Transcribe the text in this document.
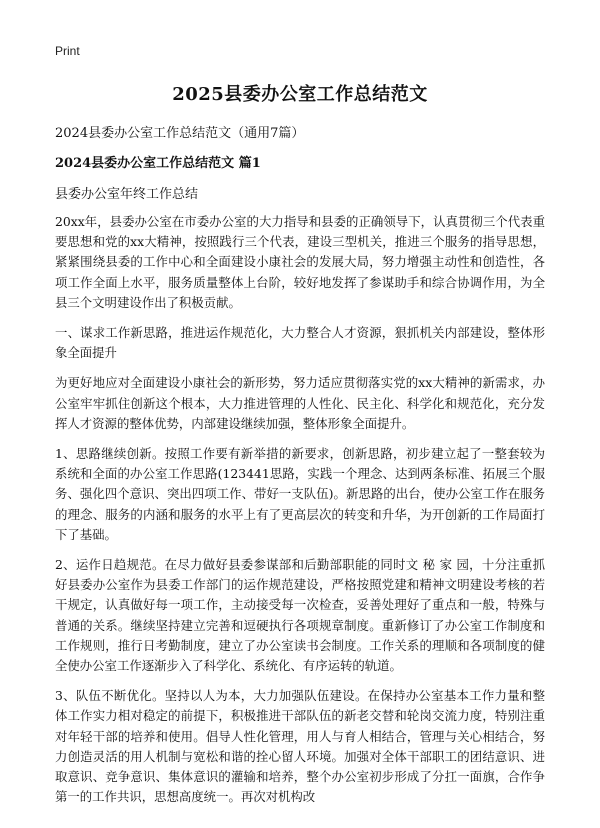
Print
2025县委办公室工作总结范文
2024县委办公室工作总结范文（通用7篇）
2024县委办公室工作总结范文 篇1
县委办公室年终工作总结

20xx年，县委办公室在市委办公室的大力指导和县委的正确领导下，认真贯彻三个代表重要思想和党的xx大精神，按照践行三个代表，建设三型机关，推进三个服务的指导思想，紧紧围绕县委的工作中心和全面建设小康社会的发展大局，努力增强主动性和创造性，各项工作全面上水平，服务质量整体上台阶，较好地发挥了参谋助手和综合协调作用，为全县三个文明建设作出了积极贡献。

一、谋求工作新思路，推进运作规范化，大力整合人才资源，狠抓机关内部建设，整体形象全面提升

为更好地应对全面建设小康社会的新形势，努力适应贯彻落实党的xx大精神的新需求，办公室牢牢抓住创新这个根本，大力推进管理的人性化、民主化、科学化和规范化，充分发挥人才资源的整体优势，内部建设继续加强，整体形象全面提升。

1、思路继续创新。按照工作要有新举措的新要求，创新思路，初步建立起了一整套较为系统和全面的办公室工作思路(123441思路，实践一个理念、达到两条标准、拓展三个服务、强化四个意识、突出四项工作、带好一支队伍)。新思路的出台，使办公室工作在服务的理念、服务的内涵和服务的水平上有了更高层次的转变和升华，为开创新的工作局面打下了基础。

2、运作日趋规范。在尽力做好县委参谋部和后勤部职能的同时文 秘 家 园，十分注重抓好县委办公室作为县委工作部门的运作规范建设，严格按照党建和精神文明建设考核的若干规定，认真做好每一项工作，主动接受每一次检查，妥善处理好了重点和一般，特殊与普通的关系。继续坚持建立完善和逗硬执行各项规章制度。重新修订了办公室工作制度和工作规则，推行日考勤制度，建立了办公室读书会制度。工作关系的理顺和各项制度的健全使办公室工作逐渐步入了科学化、系统化、有序运转的轨道。

3、队伍不断优化。坚持以人为本，大力加强队伍建设。在保持办公室基本工作力量和整体工作实力相对稳定的前提下，积极推进干部队伍的新老交替和轮岗交流力度，特别注重对年轻干部的培养和使用。倡导人性化管理，用人与育人相结合，管理与关心相结合，努力创造灵活的用人机制与宽松和谐的拴心留人环境。加强对全体干部职工的团结意识、进取意识、竞争意识、集体意识的灌输和培养，整个办公室初步形成了分扛一面旗，合作争第一的工作共识，思想高度统一。再次对机构改
